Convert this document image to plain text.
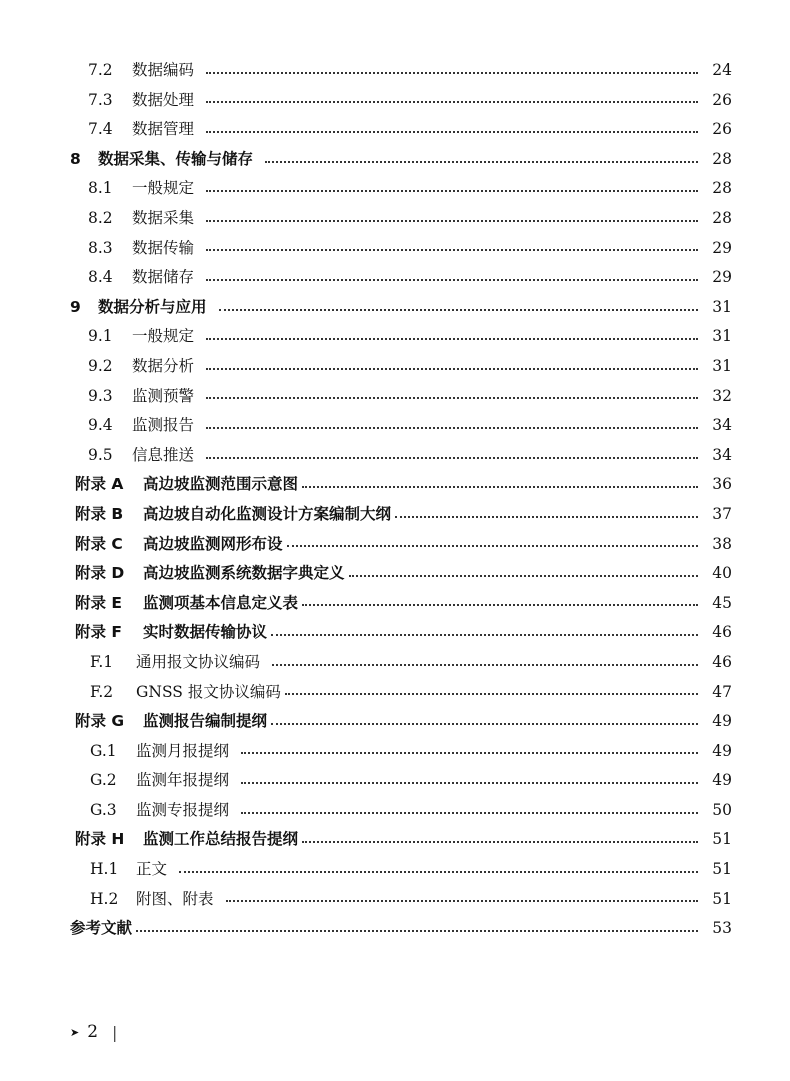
7.2	数据编码	24
7.3	数据处理	26
7.4	数据管理	26
8	数据采集、传输与储存	28
8.1	一般规定	28
8.2	数据采集	28
8.3	数据传输	29
8.4	数据储存	29
9	数据分析与应用	31
9.1	一般规定	31
9.2	数据分析	31
9.3	监测预警	32
9.4	监测报告	34
9.5	信息推送	34
附录 A	高边坡监测范围示意图	36
附录 B	高边坡自动化监测设计方案编制大纲	37
附录 C	高边坡监测网形布设	38
附录 D	高边坡监测系统数据字典定义	40
附录 E	监测项基本信息定义表	45
附录 F	实时数据传输协议	46
F.1	通用报文协议编码	46
F.2	GNSS 报文协议编码	47
附录 G	监测报告编制提纲	49
G.1	监测月报提纲	49
G.2	监测年报提纲	49
G.3	监测专报提纲	50
附录 H	监测工作总结报告提纲	51
H.1	正文	51
H.2	附图、附表	51
参考文献	53
➤ 2 |
